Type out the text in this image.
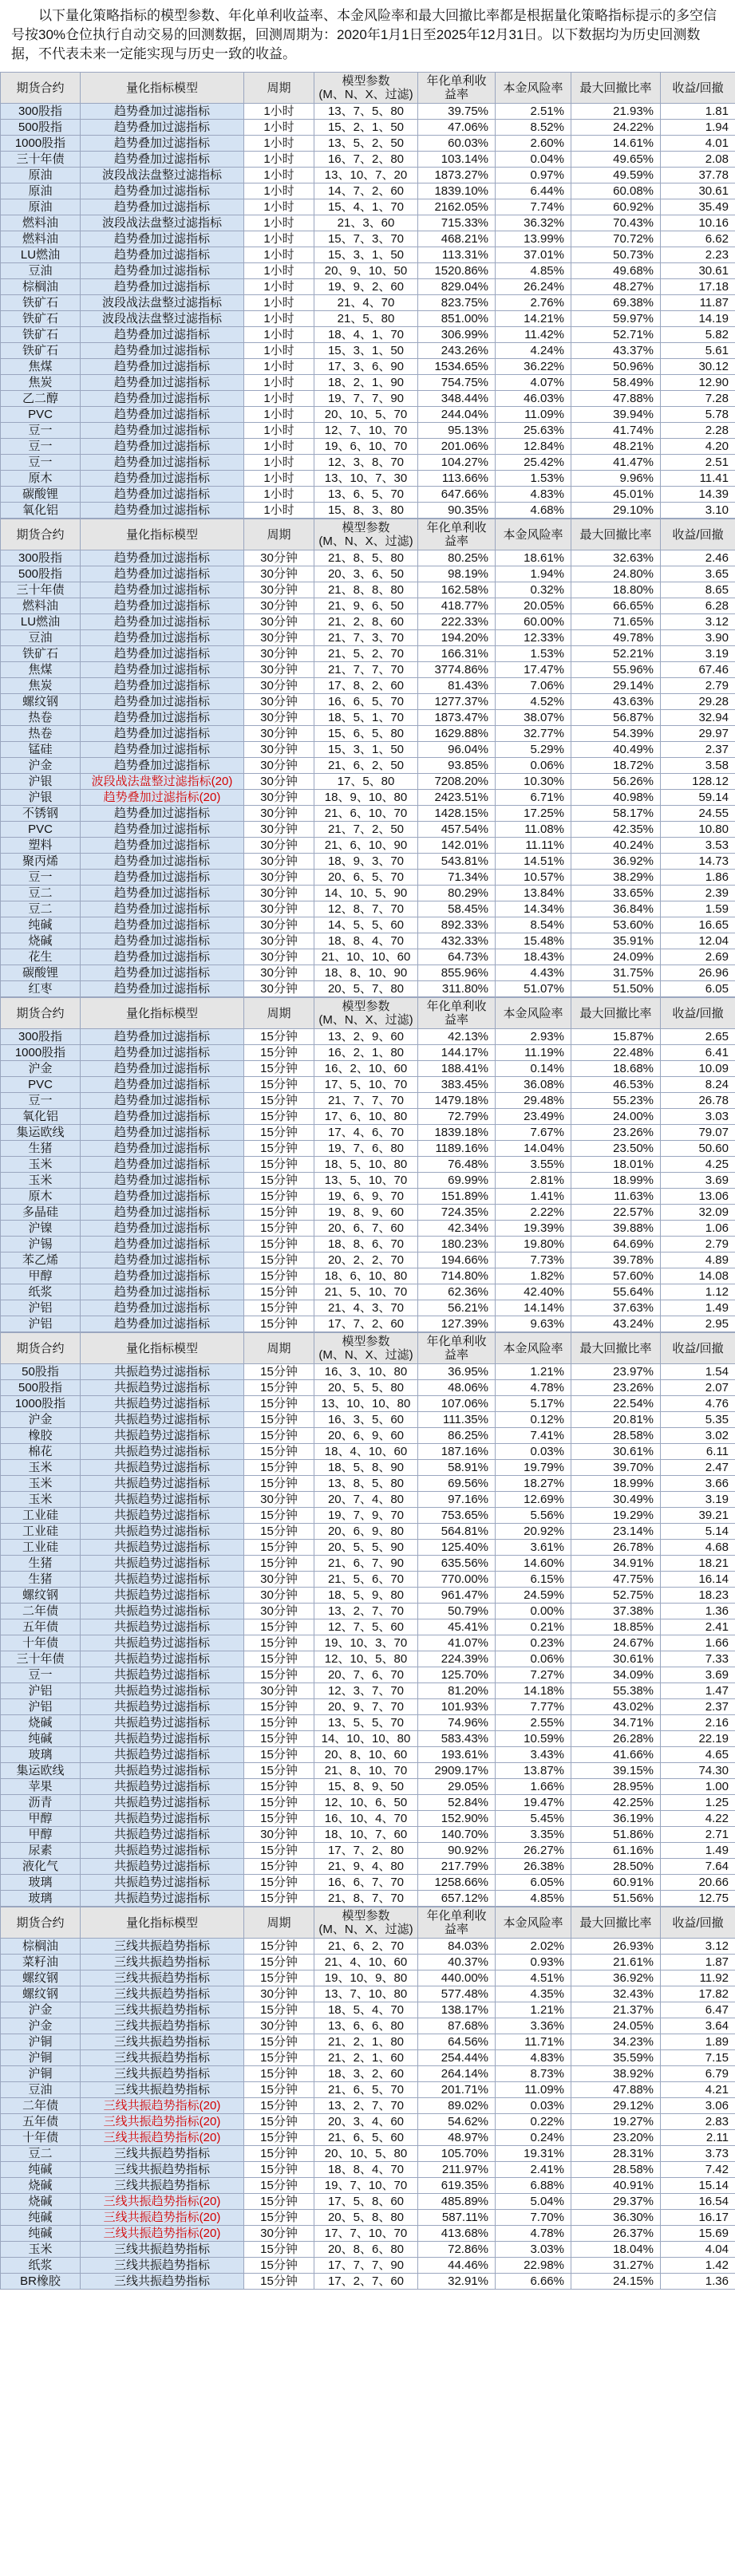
以下量化策略指标的模型参数、年化单利收益率、本金风险率和最大回撤比率都是根据量化策略指标提示的多空信号按30%仓位执行自动交易的回测数据，回测周期为：2020年1月1日至2025年12月31日。以下数据均为历史回测数据，不代表未来一定能实现与历史一致的收益。
期货合约	量化指标模型	周期	模型参数
(M、N、X、过滤)	年化单利收益率	本金风险率	最大回撤比率	收益/回撤
300股指	趋势叠加过滤指标	1小时	13、7、5、80	39.75%	2.51%	21.93%	1.81
500股指	趋势叠加过滤指标	1小时	15、2、1、50	47.06%	8.52%	24.22%	1.94
1000股指	趋势叠加过滤指标	1小时	13、5、2、50	60.03%	2.60%	14.61%	4.01
三十年债	趋势叠加过滤指标	1小时	16、7、2、80	103.14%	0.04%	49.65%	2.08
原油	波段战法盘整过滤指标	1小时	13、10、7、20	1873.27%	0.97%	49.59%	37.78
原油	趋势叠加过滤指标	1小时	14、7、2、60	1839.10%	6.44%	60.08%	30.61
原油	趋势叠加过滤指标	1小时	15、4、1、70	2162.05%	7.74%	60.92%	35.49
燃料油	波段战法盘整过滤指标	1小时	21、3、60	715.33%	36.32%	70.43%	10.16
燃料油	趋势叠加过滤指标	1小时	15、7、3、70	468.21%	13.99%	70.72%	6.62
LU燃油	趋势叠加过滤指标	1小时	15、3、1、50	113.31%	37.01%	50.73%	2.23
豆油	趋势叠加过滤指标	1小时	20、9、10、50	1520.86%	4.85%	49.68%	30.61
棕榈油	趋势叠加过滤指标	1小时	19、9、2、60	829.04%	26.24%	48.27%	17.18
铁矿石	波段战法盘整过滤指标	1小时	21、4、70	823.75%	2.76%	69.38%	11.87
铁矿石	波段战法盘整过滤指标	1小时	21、5、80	851.00%	14.21%	59.97%	14.19
铁矿石	趋势叠加过滤指标	1小时	18、4、1、70	306.99%	11.42%	52.71%	5.82
铁矿石	趋势叠加过滤指标	1小时	15、3、1、50	243.26%	4.24%	43.37%	5.61
焦煤	趋势叠加过滤指标	1小时	17、3、6、90	1534.65%	36.22%	50.96%	30.12
焦炭	趋势叠加过滤指标	1小时	18、2、1、90	754.75%	4.07%	58.49%	12.90
乙二醇	趋势叠加过滤指标	1小时	19、7、7、90	348.44%	46.03%	47.88%	7.28
PVC	趋势叠加过滤指标	1小时	20、10、5、70	244.04%	11.09%	39.94%	5.78
豆一	趋势叠加过滤指标	1小时	12、7、10、70	95.13%	25.63%	41.74%	2.28
豆一	趋势叠加过滤指标	1小时	19、6、10、70	201.06%	12.84%	48.21%	4.20
豆一	趋势叠加过滤指标	1小时	12、3、8、70	104.27%	25.42%	41.47%	2.51
原木	趋势叠加过滤指标	1小时	13、10、7、30	113.66%	1.53%	9.96%	11.41
碳酸锂	趋势叠加过滤指标	1小时	13、6、5、70	647.66%	4.83%	45.01%	14.39
氧化铝	趋势叠加过滤指标	1小时	15、8、3、80	90.35%	4.68%	29.10%	3.10
期货合约	量化指标模型	周期	模型参数
(M、N、X、过滤)	年化单利收益率	本金风险率	最大回撤比率	收益/回撤
300股指	趋势叠加过滤指标	30分钟	21、8、5、80	80.25%	18.61%	32.63%	2.46
500股指	趋势叠加过滤指标	30分钟	20、3、6、50	98.19%	1.94%	24.80%	3.65
三十年债	趋势叠加过滤指标	30分钟	21、8、8、80	162.58%	0.32%	18.80%	8.65
燃料油	趋势叠加过滤指标	30分钟	21、9、6、50	418.77%	20.05%	66.65%	6.28
LU燃油	趋势叠加过滤指标	30分钟	21、2、8、60	222.33%	60.00%	71.65%	3.12
豆油	趋势叠加过滤指标	30分钟	21、7、3、70	194.20%	12.33%	49.78%	3.90
铁矿石	趋势叠加过滤指标	30分钟	21、5、2、70	166.31%	1.53%	52.21%	3.19
焦煤	趋势叠加过滤指标	30分钟	21、7、7、70	3774.86%	17.47%	55.96%	67.46
焦炭	趋势叠加过滤指标	30分钟	17、8、2、60	81.43%	7.06%	29.14%	2.79
螺纹钢	趋势叠加过滤指标	30分钟	16、6、5、70	1277.37%	4.52%	43.63%	29.28
热卷	趋势叠加过滤指标	30分钟	18、5、1、70	1873.47%	38.07%	56.87%	32.94
热卷	趋势叠加过滤指标	30分钟	15、6、5、80	1629.88%	32.77%	54.39%	29.97
锰硅	趋势叠加过滤指标	30分钟	15、3、1、50	96.04%	5.29%	40.49%	2.37
沪金	趋势叠加过滤指标	30分钟	21、6、2、50	93.85%	0.06%	18.72%	3.58
沪银	波段战法盘整过滤指标(20)	30分钟	17、5、80	7208.20%	10.30%	56.26%	128.12
沪银	趋势叠加过滤指标(20)	30分钟	18、9、10、80	2423.51%	6.71%	40.98%	59.14
不锈钢	趋势叠加过滤指标	30分钟	21、6、10、70	1428.15%	17.25%	58.17%	24.55
PVC	趋势叠加过滤指标	30分钟	21、7、2、50	457.54%	11.08%	42.35%	10.80
塑料	趋势叠加过滤指标	30分钟	21、6、10、90	142.01%	11.11%	40.24%	3.53
聚丙烯	趋势叠加过滤指标	30分钟	18、9、3、70	543.81%	14.51%	36.92%	14.73
豆一	趋势叠加过滤指标	30分钟	20、6、5、70	71.34%	10.57%	38.29%	1.86
豆二	趋势叠加过滤指标	30分钟	14、10、5、90	80.29%	13.84%	33.65%	2.39
豆二	趋势叠加过滤指标	30分钟	12、8、7、70	58.45%	14.34%	36.84%	1.59
纯碱	趋势叠加过滤指标	30分钟	14、5、5、60	892.33%	8.54%	53.60%	16.65
烧碱	趋势叠加过滤指标	30分钟	18、8、4、70	432.33%	15.48%	35.91%	12.04
花生	趋势叠加过滤指标	30分钟	21、10、10、60	64.73%	18.43%	24.09%	2.69
碳酸锂	趋势叠加过滤指标	30分钟	18、8、10、90	855.96%	4.43%	31.75%	26.96
红枣	趋势叠加过滤指标	30分钟	20、5、7、80	311.80%	51.07%	51.50%	6.05
期货合约	量化指标模型	周期	模型参数
(M、N、X、过滤)	年化单利收益率	本金风险率	最大回撤比率	收益/回撤
300股指	趋势叠加过滤指标	15分钟	13、2、9、60	42.13%	2.93%	15.87%	2.65
1000股指	趋势叠加过滤指标	15分钟	16、2、1、80	144.17%	11.19%	22.48%	6.41
沪金	趋势叠加过滤指标	15分钟	16、2、10、60	188.41%	0.14%	18.68%	10.09
PVC	趋势叠加过滤指标	15分钟	17、5、10、70	383.45%	36.08%	46.53%	8.24
豆一	趋势叠加过滤指标	15分钟	21、7、7、70	1479.18%	29.48%	55.23%	26.78
氧化铝	趋势叠加过滤指标	15分钟	17、6、10、80	72.79%	23.49%	24.00%	3.03
集运欧线	趋势叠加过滤指标	15分钟	17、4、6、70	1839.18%	7.67%	23.26%	79.07
生猪	趋势叠加过滤指标	15分钟	19、7、6、80	1189.16%	14.04%	23.50%	50.60
玉米	趋势叠加过滤指标	15分钟	18、5、10、80	76.48%	3.55%	18.01%	4.25
玉米	趋势叠加过滤指标	15分钟	13、5、10、70	69.99%	2.81%	18.99%	3.69
原木	趋势叠加过滤指标	15分钟	19、6、9、70	151.89%	1.41%	11.63%	13.06
多晶硅	趋势叠加过滤指标	15分钟	19、8、9、60	724.35%	2.22%	22.57%	32.09
沪镍	趋势叠加过滤指标	15分钟	20、6、7、60	42.34%	19.39%	39.88%	1.06
沪锡	趋势叠加过滤指标	15分钟	18、8、6、70	180.23%	19.80%	64.69%	2.79
苯乙烯	趋势叠加过滤指标	15分钟	20、2、2、70	194.66%	7.73%	39.78%	4.89
甲醇	趋势叠加过滤指标	15分钟	18、6、10、80	714.80%	1.82%	57.60%	14.08
纸浆	趋势叠加过滤指标	15分钟	21、5、10、70	62.36%	42.40%	55.64%	1.12
沪铝	趋势叠加过滤指标	15分钟	21、4、3、70	56.21%	14.14%	37.63%	1.49
沪铝	趋势叠加过滤指标	15分钟	17、7、2、60	127.39%	9.63%	43.24%	2.95
期货合约	量化指标模型	周期	模型参数
(M、N、X、过滤)	年化单利收益率	本金风险率	最大回撤比率	收益/回撤
50股指	共振趋势过滤指标	15分钟	16、3、10、80	36.95%	1.21%	23.97%	1.54
500股指	共振趋势过滤指标	15分钟	20、5、5、80	48.06%	4.78%	23.26%	2.07
1000股指	共振趋势过滤指标	15分钟	13、10、10、80	107.06%	5.17%	22.54%	4.76
沪金	共振趋势过滤指标	15分钟	16、3、5、60	111.35%	0.12%	20.81%	5.35
橡胶	共振趋势过滤指标	15分钟	20、6、9、60	86.25%	7.41%	28.58%	3.02
棉花	共振趋势过滤指标	15分钟	18、4、10、60	187.16%	0.03%	30.61%	6.11
玉米	共振趋势过滤指标	15分钟	18、5、8、90	58.91%	19.79%	39.70%	2.47
玉米	共振趋势过滤指标	15分钟	13、8、5、80	69.56%	18.27%	18.99%	3.66
玉米	共振趋势过滤指标	30分钟	20、7、4、80	97.16%	12.69%	30.49%	3.19
工业硅	共振趋势过滤指标	15分钟	19、7、9、70	753.65%	5.56%	19.29%	39.21
工业硅	共振趋势过滤指标	15分钟	20、6、9、80	564.81%	20.92%	23.14%	5.14
工业硅	共振趋势过滤指标	15分钟	20、5、5、90	125.40%	3.61%	26.78%	4.68
生猪	共振趋势过滤指标	15分钟	21、6、7、90	635.56%	14.60%	34.91%	18.21
生猪	共振趋势过滤指标	30分钟	21、5、6、70	770.00%	6.15%	47.75%	16.14
螺纹钢	共振趋势过滤指标	30分钟	18、5、9、80	961.47%	24.59%	52.75%	18.23
二年债	共振趋势过滤指标	30分钟	13、2、7、70	50.79%	0.00%	37.38%	1.36
五年债	共振趋势过滤指标	15分钟	12、7、5、60	45.41%	0.21%	18.85%	2.41
十年债	共振趋势过滤指标	15分钟	19、10、3、70	41.07%	0.23%	24.67%	1.66
三十年债	共振趋势过滤指标	15分钟	12、10、5、80	224.39%	0.06%	30.61%	7.33
豆一	共振趋势过滤指标	15分钟	20、7、6、70	125.70%	7.27%	34.09%	3.69
沪铝	共振趋势过滤指标	30分钟	12、3、7、70	81.20%	14.18%	55.38%	1.47
沪铝	共振趋势过滤指标	15分钟	20、9、7、70	101.93%	7.77%	43.02%	2.37
烧碱	共振趋势过滤指标	15分钟	13、5、5、70	74.96%	2.55%	34.71%	2.16
纯碱	共振趋势过滤指标	15分钟	14、10、10、80	583.43%	10.59%	26.28%	22.19
玻璃	共振趋势过滤指标	15分钟	20、8、10、60	193.61%	3.43%	41.66%	4.65
集运欧线	共振趋势过滤指标	15分钟	21、8、10、70	2909.17%	13.87%	39.15%	74.30
苹果	共振趋势过滤指标	15分钟	15、8、9、50	29.05%	1.66%	28.95%	1.00
沥青	共振趋势过滤指标	15分钟	12、10、6、50	52.84%	19.47%	42.25%	1.25
甲醇	共振趋势过滤指标	15分钟	16、10、4、70	152.90%	5.45%	36.19%	4.22
甲醇	共振趋势过滤指标	30分钟	18、10、7、60	140.70%	3.35%	51.86%	2.71
尿素	共振趋势过滤指标	15分钟	17、7、2、80	90.92%	26.27%	61.16%	1.49
液化气	共振趋势过滤指标	15分钟	21、9、4、80	217.79%	26.38%	28.50%	7.64
玻璃	共振趋势过滤指标	15分钟	16、6、7、70	1258.66%	6.05%	60.91%	20.66
玻璃	共振趋势过滤指标	15分钟	21、8、7、70	657.12%	4.85%	51.56%	12.75
期货合约	量化指标模型	周期	模型参数
(M、N、X、过滤)	年化单利收益率	本金风险率	最大回撤比率	收益/回撤
棕榈油	三线共振趋势指标	15分钟	21、6、2、70	84.03%	2.02%	26.93%	3.12
菜籽油	三线共振趋势指标	15分钟	21、4、10、60	40.37%	0.93%	21.61%	1.87
螺纹钢	三线共振趋势指标	15分钟	19、10、9、80	440.00%	4.51%	36.92%	11.92
螺纹钢	三线共振趋势指标	30分钟	13、7、10、80	577.48%	4.35%	32.43%	17.82
沪金	三线共振趋势指标	15分钟	18、5、4、70	138.17%	1.21%	21.37%	6.47
沪金	三线共振趋势指标	30分钟	13、6、6、80	87.68%	3.36%	24.05%	3.64
沪铜	三线共振趋势指标	15分钟	21、2、1、80	64.56%	11.71%	34.23%	1.89
沪铜	三线共振趋势指标	15分钟	21、2、1、60	254.44%	4.83%	35.59%	7.15
沪铜	三线共振趋势指标	15分钟	18、3、2、60	264.14%	8.73%	38.92%	6.79
豆油	三线共振趋势指标	15分钟	21、6、5、70	201.71%	11.09%	47.88%	4.21
二年债	三线共振趋势指标(20)	15分钟	13、2、7、70	89.02%	0.03%	29.12%	3.06
五年债	三线共振趋势指标(20)	15分钟	20、3、4、60	54.62%	0.22%	19.27%	2.83
十年债	三线共振趋势指标(20)	15分钟	21、6、5、60	48.97%	0.24%	23.20%	2.11
豆二	三线共振趋势指标	15分钟	20、10、5、80	105.70%	19.31%	28.31%	3.73
纯碱	三线共振趋势指标	15分钟	18、8、4、70	211.97%	2.41%	28.58%	7.42
烧碱	三线共振趋势指标	15分钟	19、7、10、70	619.35%	6.88%	40.91%	15.14
烧碱	三线共振趋势指标(20)	15分钟	17、5、8、60	485.89%	5.04%	29.37%	16.54
纯碱	三线共振趋势指标(20)	15分钟	20、5、8、80	587.11%	7.70%	36.30%	16.17
纯碱	三线共振趋势指标(20)	30分钟	17、7、10、70	413.68%	4.78%	26.37%	15.69
玉米	三线共振趋势指标	15分钟	20、8、6、80	72.86%	3.03%	18.04%	4.04
纸浆	三线共振趋势指标	15分钟	17、7、7、90	44.46%	22.98%	31.27%	1.42
BR橡胶	三线共振趋势指标	15分钟	17、2、7、60	32.91%	6.66%	24.15%	1.36
